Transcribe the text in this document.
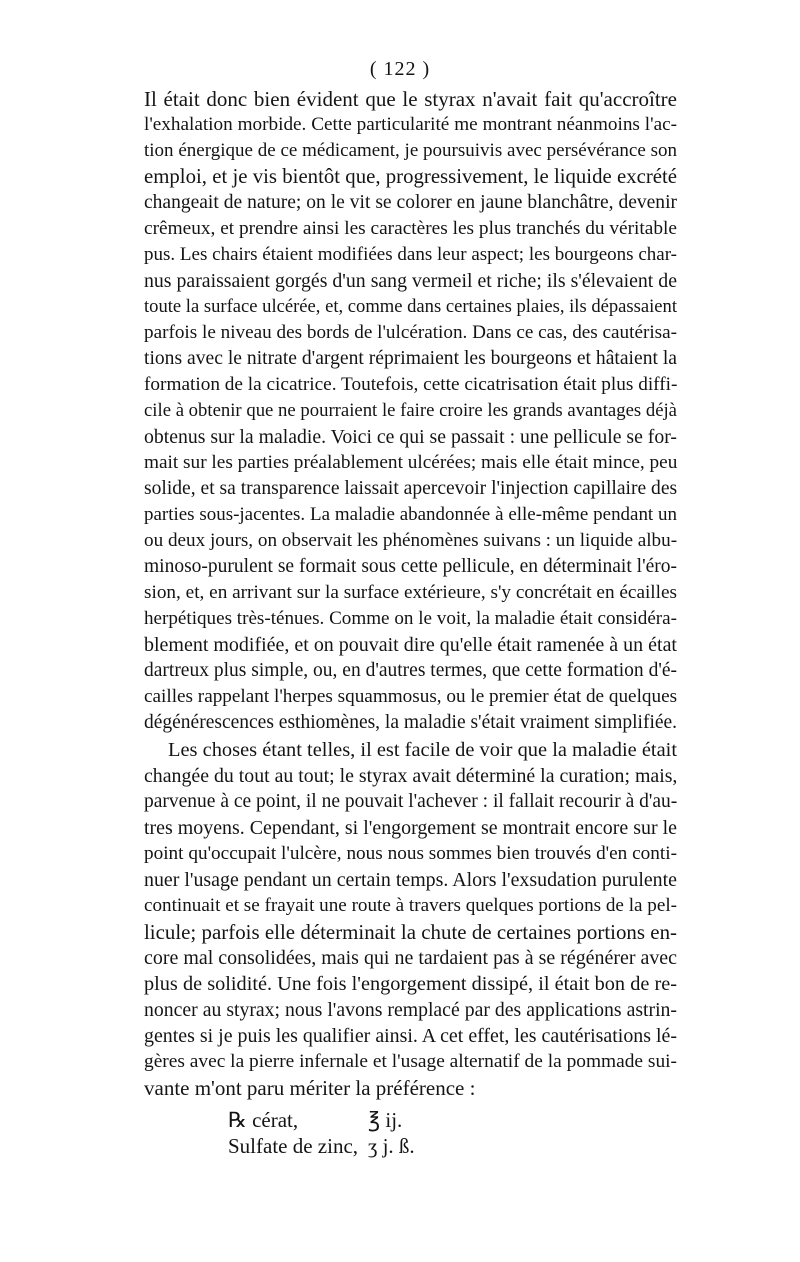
( 122 )
Il était donc bien évident que le styrax n'avait fait qu'accroître
l'exhalation morbide. Cette particularité me montrant néanmoins l'ac-
tion énergique de ce médicament, je poursuivis avec persévérance son
emploi, et je vis bientôt que, progressivement, le liquide excrété
changeait de nature; on le vit se colorer en jaune blanchâtre, devenir
crêmeux, et prendre ainsi les caractères les plus tranchés du véritable
pus. Les chairs étaient modifiées dans leur aspect; les bourgeons char-
nus paraissaient gorgés d'un sang vermeil et riche; ils s'élevaient de
toute la surface ulcérée, et, comme dans certaines plaies, ils dépassaient
parfois le niveau des bords de l'ulcération. Dans ce cas, des cautérisa-
tions avec le nitrate d'argent réprimaient les bourgeons et hâtaient la
formation de la cicatrice. Toutefois, cette cicatrisation était plus diffi-
cile à obtenir que ne pourraient le faire croire les grands avantages déjà
obtenus sur la maladie. Voici ce qui se passait : une pellicule se for-
mait sur les parties préalablement ulcérées; mais elle était mince, peu
solide, et sa transparence laissait apercevoir l'injection capillaire des
parties sous-jacentes. La maladie abandonnée à elle-même pendant un
ou deux jours, on observait les phénomènes suivans : un liquide albu-
minoso-purulent se formait sous cette pellicule, en déterminait l'éro-
sion, et, en arrivant sur la surface extérieure, s'y concrétait en écailles
herpétiques très-ténues. Comme on le voit, la maladie était considéra-
blement modifiée, et on pouvait dire qu'elle était ramenée à un état
dartreux plus simple, ou, en d'autres termes, que cette formation d'é-
cailles rappelant l'herpes squammosus, ou le premier état de quelques
dégénérescences esthiomènes, la maladie s'était vraiment simplifiée.
Les choses étant telles, il est facile de voir que la maladie était
changée du tout au tout; le styrax avait déterminé la curation; mais,
parvenue à ce point, il ne pouvait l'achever : il fallait recourir à d'au-
tres moyens. Cependant, si l'engorgement se montrait encore sur le
point qu'occupait l'ulcère, nous nous sommes bien trouvés d'en conti-
nuer l'usage pendant un certain temps. Alors l'exsudation purulente
continuait et se frayait une route à travers quelques portions de la pel-
licule; parfois elle déterminait la chute de certaines portions en-
core mal consolidées, mais qui ne tardaient pas à se régénérer avec
plus de solidité. Une fois l'engorgement dissipé, il était bon de re-
noncer au styrax; nous l'avons remplacé par des applications astrin-
gentes si je puis les qualifier ainsi. A cet effet, les cautérisations lé-
gères avec la pierre infernale et l'usage alternatif de la pommade sui-
vante m'ont paru mériter la préférence :
℞ cérat,	℥ ij.
Sulfate de zinc, ʒ j. ß.
